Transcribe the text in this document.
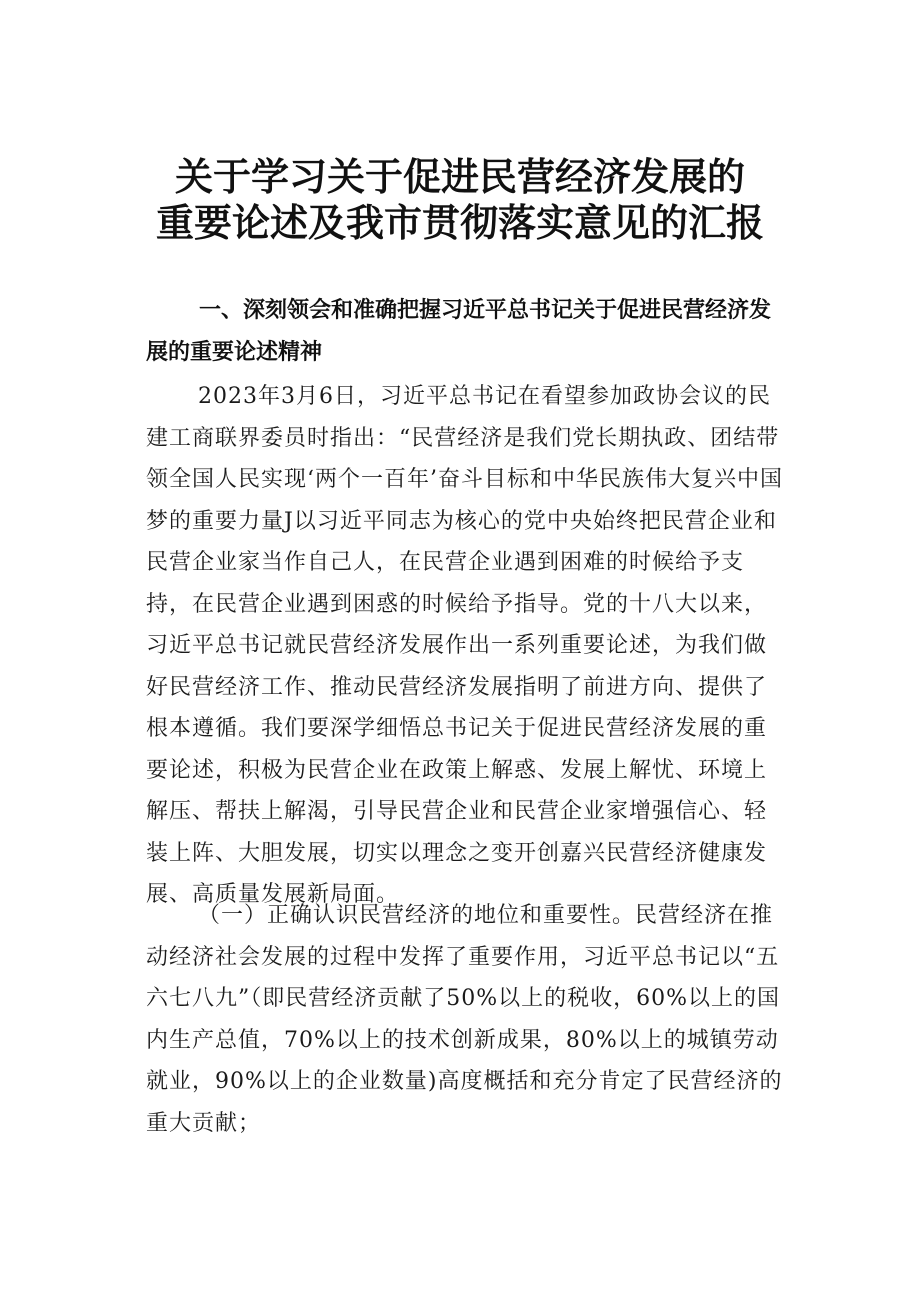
关于学习关于促进民营经济发展的
重要论述及我市贯彻落实意见的汇报
一、深刻领会和准确把握习近平总书记关于促进民营经济发展的重要论述精神

2023年3月6日，习近平总书记在看望参加政协会议的民建工商联界委员时指出：“民营经济是我们党长期执政、团结带领全国人民实现‘两个一百年’奋斗目标和中华民族伟大复兴中国梦的重要力量J以习近平同志为核心的党中央始终把民营企业和民营企业家当作自己人，在民营企业遇到困难的时候给予支持，在民营企业遇到困惑的时候给予指导。党的十八大以来，习近平总书记就民营经济发展作出一系列重要论述，为我们做好民营经济工作、推动民营经济发展指明了前进方向、提供了根本遵循。我们要深学细悟总书记关于促进民营经济发展的重要论述，积极为民营企业在政策上解惑、发展上解忧、环境上解压、帮扶上解渴，引导民营企业和民营企业家增强信心、轻装上阵、大胆发展，切实以理念之变开创嘉兴民营经济健康发展、高质量发展新局面。

（一）正确认识民营经济的地位和重要性。民营经济在推动经济社会发展的过程中发挥了重要作用，习近平总书记以“五六七八九”（即民营经济贡献了50%以上的税收，60%以上的国内生产总值，70%以上的技术创新成果，80%以上的城镇劳动就业，90%以上的企业数量)高度概括和充分肯定了民营经济的重大贡献；
